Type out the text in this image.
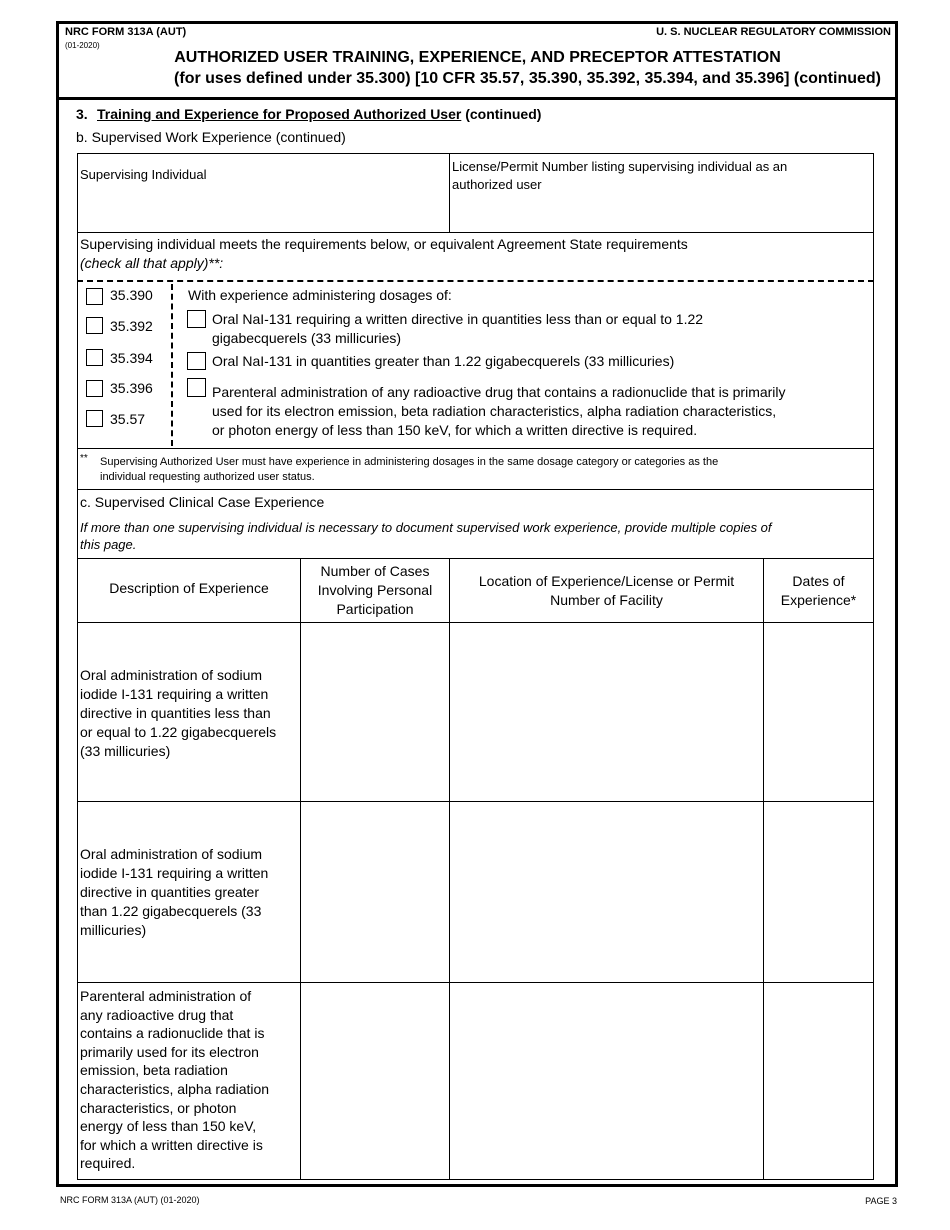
NRC FORM 313A (AUT)
(01-2020)
U. S. NUCLEAR REGULATORY COMMISSION
AUTHORIZED USER TRAINING, EXPERIENCE, AND PRECEPTOR ATTESTATION
(for uses defined under 35.300) [10 CFR 35.57, 35.390, 35.392, 35.394, and 35.396] (continued)
3. Training and Experience for Proposed Authorized User (continued)
b. Supervised Work Experience (continued)
Supervising Individual
License/Permit Number listing supervising individual as an authorized user
Supervising individual meets the requirements below, or equivalent Agreement State requirements
(check all that apply)**:
35.390
35.392
35.394
35.396
35.57
With experience administering dosages of:
Oral NaI-131 requiring a written directive in quantities less than or equal to 1.22
gigabecquerels (33 millicuries)
Oral NaI-131 in quantities greater than 1.22 gigabecquerels (33 millicuries)
Parenteral administration of any radioactive drug that contains a radionuclide that is primarily
used for its electron emission, beta radiation characteristics, alpha radiation characteristics,
or photon energy of less than 150 keV, for which a written directive is required.
** Supervising Authorized User must have experience in administering dosages in the same dosage category or categories as the
individual requesting authorized user status.
c. Supervised Clinical Case Experience
If more than one supervising individual is necessary to document supervised work experience, provide multiple copies of
this page.
Description of Experience
Number of Cases
Involving Personal
Participation
Location of Experience/License or Permit
Number of Facility
Dates of
Experience*
Oral administration of sodium
iodide I-131 requiring a written
directive in quantities less than
or equal to 1.22 gigabecquerels
(33 millicuries)
Oral administration of sodium
iodide I-131 requiring a written
directive in quantities greater
than 1.22 gigabecquerels (33
millicuries)
Parenteral administration of
any radioactive drug that
contains a radionuclide that is
primarily used for its electron
emission, beta radiation
characteristics, alpha radiation
characteristics, or photon
energy of less than 150 keV,
for which a written directive is
required.
NRC FORM 313A (AUT) (01-2020)	PAGE 3
